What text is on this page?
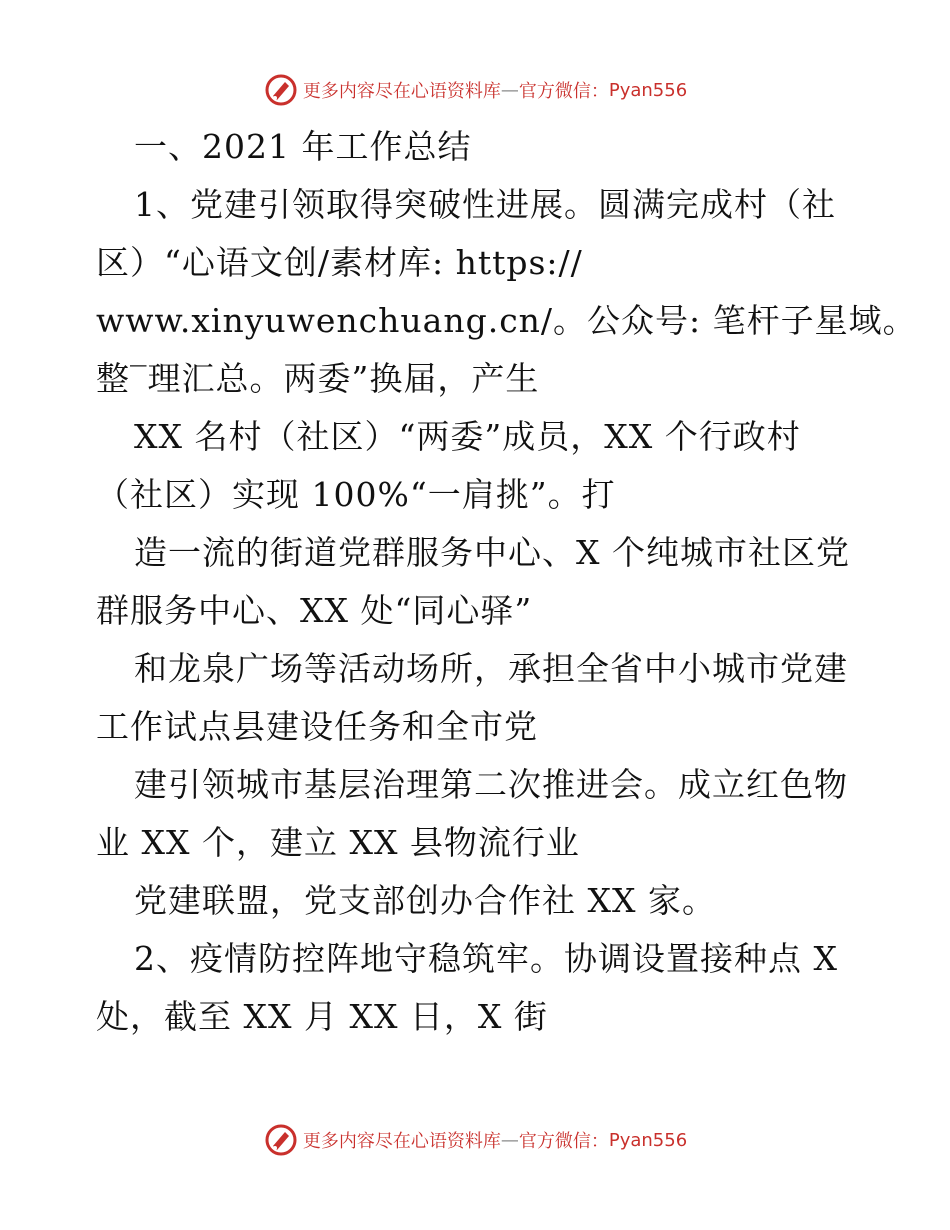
更多内容尽在心语资料库 — 官方微信： Pyan556
一、2021 年工作总结
1、党建引领取得突破性进展。圆满完成村（社
区）“心语文创/素材库: https://
www.xinyuwenchuang.cn/。公众号: 笔杆子星域。
整‾理汇总。两委”换届，产生
XX 名村（社区）“两委”成员，XX 个行政村
（社区）实现 100%“一肩挑”。打
造一流的街道党群服务中心、X 个纯城市社区党
群服务中心、XX 处“同心驿”
和龙泉广场等活动场所，承担全省中小城市党建
工作试点县建设任务和全市党
建引领城市基层治理第二次推进会。成立红色物
业 XX 个，建立 XX 县物流行业
党建联盟，党支部创办合作社 XX 家。
2、疫情防控阵地守稳筑牢。协调设置接种点 X
处，截至 XX 月 XX 日，X 街
更多内容尽在心语资料库 — 官方微信： Pyan556
